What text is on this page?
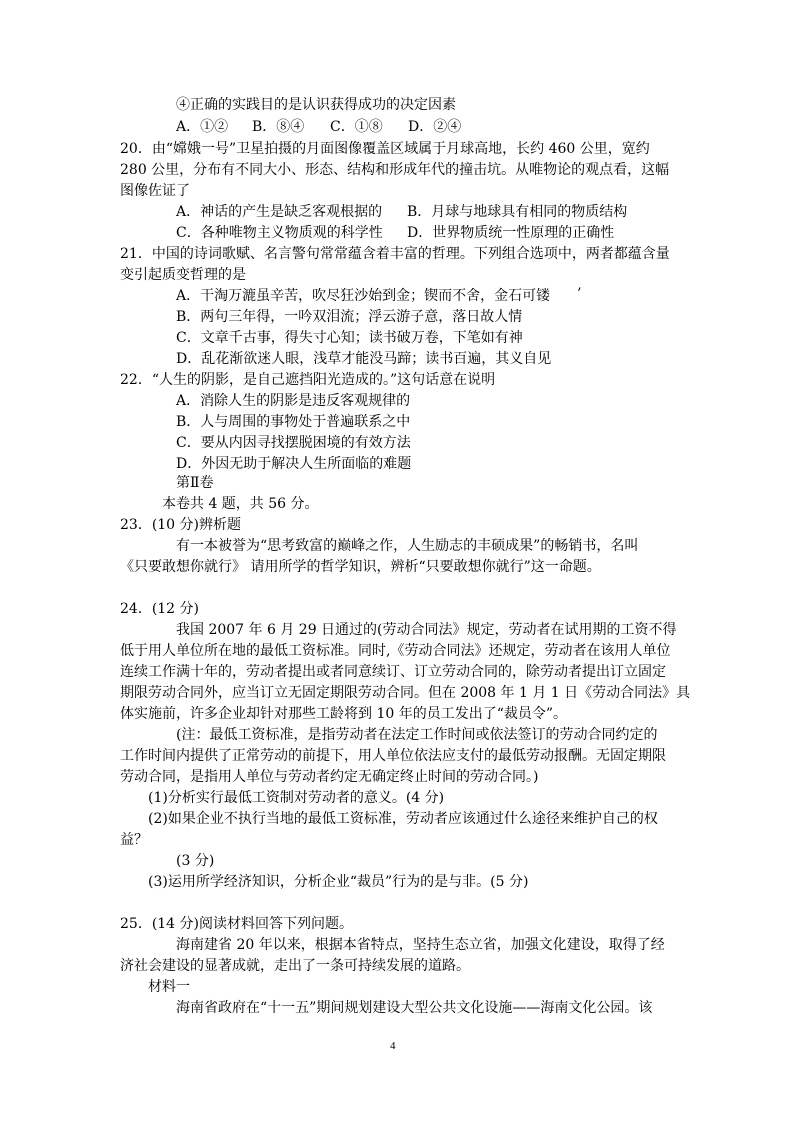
④正确的实践目的是认识获得成功的决定因素
A．①② B．⑧④ C．①⑧ D．②④
20．由“嫦娥一号”卫星拍摄的月面图像覆盖区域属于月球高地，长约 460 公里，宽约
280 公里，分布有不同大小、形态、结构和形成年代的撞击坑。从唯物论的观点看，这幅
图像佐证了
A．神话的产生是缺乏客观根据的 B．月球与地球具有相同的物质结构
C．各种唯物主义物质观的科学性 D．世界物质统一性原理的正确性
21．中国的诗词歌赋、名言警句常常蕴含着丰富的哲理。下列组合选项中，两者都蕴含量
变引起质变哲理的是
A．干淘万漉虽辛苦，吹尽狂沙始到金；锲而不舍，金石可镂 ’
B．两句三年得，一吟双泪流；浮云游子意，落日故人情
C．文章千古事，得失寸心知；读书破万卷，下笔如有神
D．乱花渐欲迷人眼，浅草才能没马蹄；读书百遍，其义自见
22．“人生的阴影，是自己遮挡阳光造成的。”这句话意在说明
A．消除人生的阴影是违反客观规律的
B．人与周围的事物处于普遍联系之中
C．要从内因寻找摆脱困境的有效方法
D．外因无助于解决人生所面临的难题
第Ⅱ卷
本卷共 4 题，共 56 分。
23．(10 分)辨析题
有一本被誉为“思考致富的巅峰之作，人生励志的丰硕成果”的畅销书，名叫
《只要敢想你就行》 请用所学的哲学知识，辨析“只要敢想你就行”这一命题。
24．(12 分)
我国 2007 年 6 月 29 日通过的(劳动合同法》规定，劳动者在试用期的工资不得
低于用人单位所在地的最低工资标准。同时,《劳动合同法》还规定，劳动者在该用人单位
连续工作满十年的，劳动者提出或者同意续订、订立劳动合同的，除劳动者提出订立固定
期限劳动合同外，应当订立无固定期限劳动合同。但在 2008 年 1 月 1 日《劳动合同法》具
体实施前，许多企业却针对那些工龄将到 10 年的员工发出了“裁员令”。
(注：最低工资标准，是指劳动者在法定工作时间或依法签订的劳动合同约定的
工作时间内提供了正常劳动的前提下，用人单位依法应支付的最低劳动报酬。无固定期限
劳动合同，是指用人单位与劳动者约定无确定终止时间的劳动合同。)
(1)分析实行最低工资制对劳动者的意义。(4 分)
(2)如果企业不执行当地的最低工资标准，劳动者应该通过什么途径来维护自己的权
益？
(3 分)
(3)运用所学经济知识，分析企业“裁员”行为的是与非。(5 分)
25．(14 分)阅读材料回答下列问题。
海南建省 20 年以来，根据本省特点，坚持生态立省，加强文化建设，取得了经
济社会建设的显著成就，走出了一条可持续发展的道路。
材料一
海南省政府在“十一五”期间规划建设大型公共文化设施——海南文化公园。该
4
